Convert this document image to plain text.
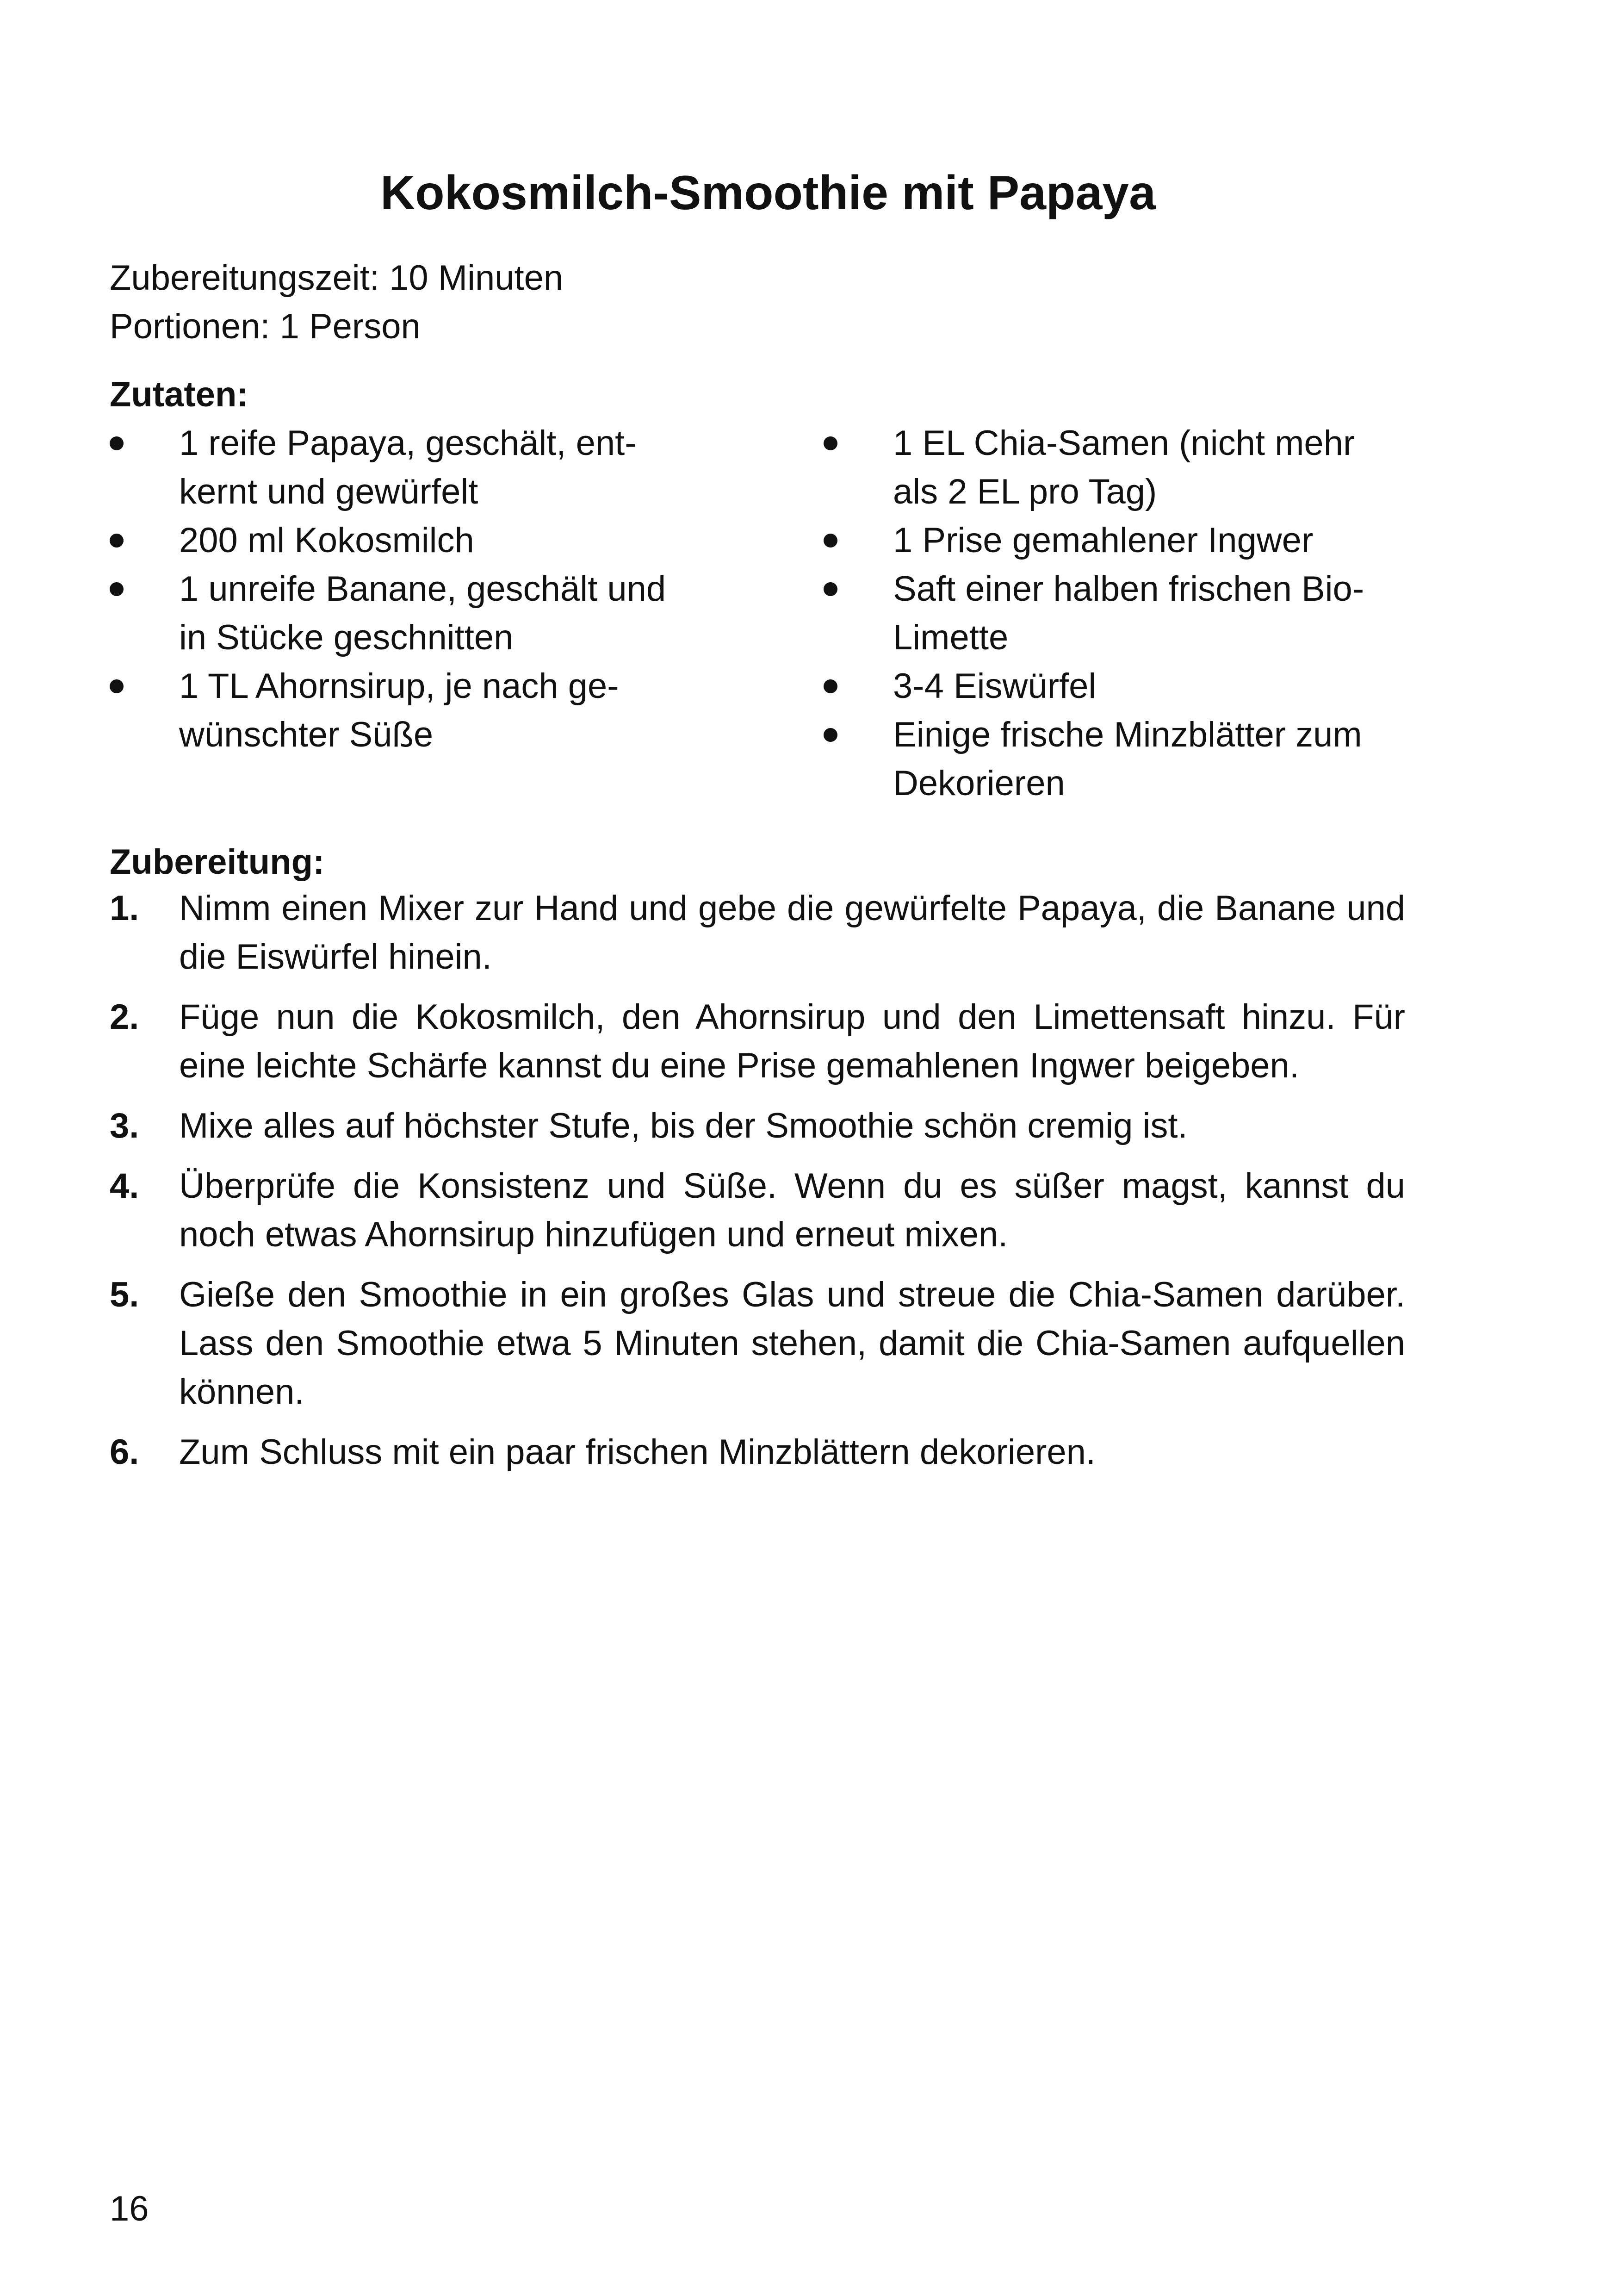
Kokosmilch-Smoothie mit Papaya
Zubereitungszeit: 10 Minuten
Portionen: 1 Person
Zutaten:
1 reife Papaya, geschält, ent-
kernt und gewürfelt
200 ml Kokosmilch
1 unreife Banane, geschält und
in Stücke geschnitten
1 TL Ahornsirup, je nach ge-
wünschter Süße
1 EL Chia-Samen (nicht mehr
als 2 EL pro Tag)
1 Prise gemahlener Ingwer
Saft einer halben frischen Bio-
Limette
3-4 Eiswürfel
Einige frische Minzblätter zum
Dekorieren
Zubereitung:
1. Nimm einen Mixer zur Hand und gebe die gewürfelte Papaya, die Banane und die Eiswürfel hinein.
2. Füge nun die Kokosmilch, den Ahornsirup und den Limettensaft hinzu. Für eine leichte Schärfe kannst du eine Prise gemahlenen Ingwer beigeben.
3. Mixe alles auf höchster Stufe, bis der Smoothie schön cremig ist.
4. Überprüfe die Konsistenz und Süße. Wenn du es süßer magst, kannst du noch etwas Ahornsirup hinzufügen und erneut mixen.
5. Gieße den Smoothie in ein großes Glas und streue die Chia-Samen darüber. Lass den Smoothie etwa 5 Minuten stehen, damit die Chia-Samen aufquellen können.
6. Zum Schluss mit ein paar frischen Minzblättern dekorieren.
16
